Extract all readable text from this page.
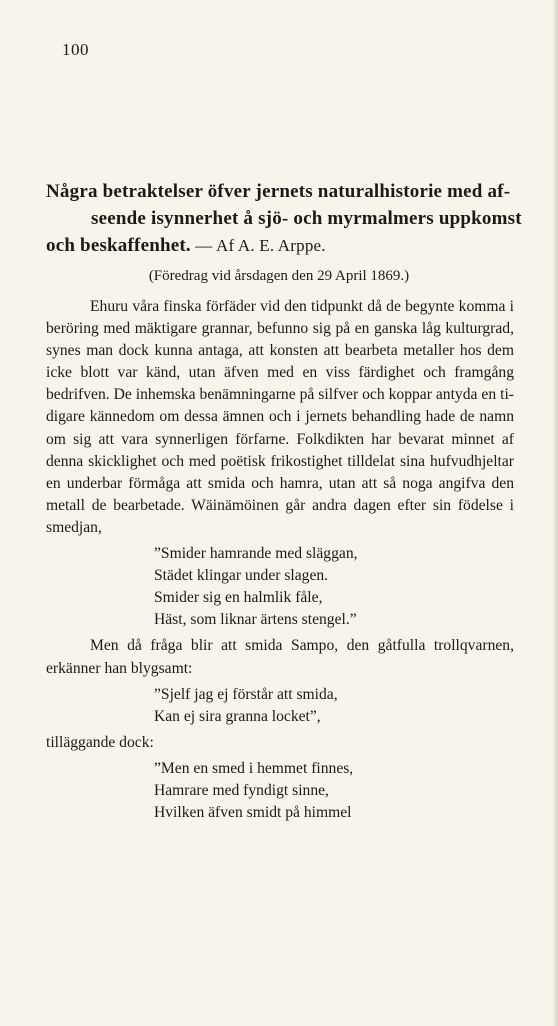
100
Några betraktelser öfver jernets naturalhistorie med af-
seende isynnerhet å sjö- och myrmalmers uppkomst
och beskaffenhet. — Af A. E. Arppe.
(Föredrag vid årsdagen den 29 April 1869.)

Ehuru våra finska förfäder vid den tidpunkt då de begynte komma i beröring med mäktigare grannar, befunno sig på en ganska låg kulturgrad, synes man dock kunna antaga, att konsten att bearbeta metaller hos dem icke blott var känd, utan äfven med en viss färdighet och framgång bedrifven. De inhemska benämningarne på silfver och koppar antyda en tidigare kännedom om dessa ämnen och i jernets behandling hade de namn om sig att vara synnerligen förfarne. Folkdikten har bevarat minnet af denna skicklighet och med poëtisk frikostighet tilldelat sina hufvudhjeltar en underbar förmåga att smida och hamra, utan att så noga angifva den metall de bearbetade. Wäinämöinen går andra dagen efter sin födelse i smedjan,

”Smider hamrande med släggan,
Städet klingar under slagen.
Smider sig en halmlik fåle,
Häst, som liknar ärtens stengel.”

Men då fråga blir att smida Sampo, den gåtfulla trollqvarnen, erkänner han blygsamt:

”Sjelf jag ej förstår att smida,
Kan ej sira granna locket”,

tilläggande dock:

”Men en smed i hemmet finnes,
Hamrare med fyndigt sinne,
Hvilken äfven smidt på himmel
